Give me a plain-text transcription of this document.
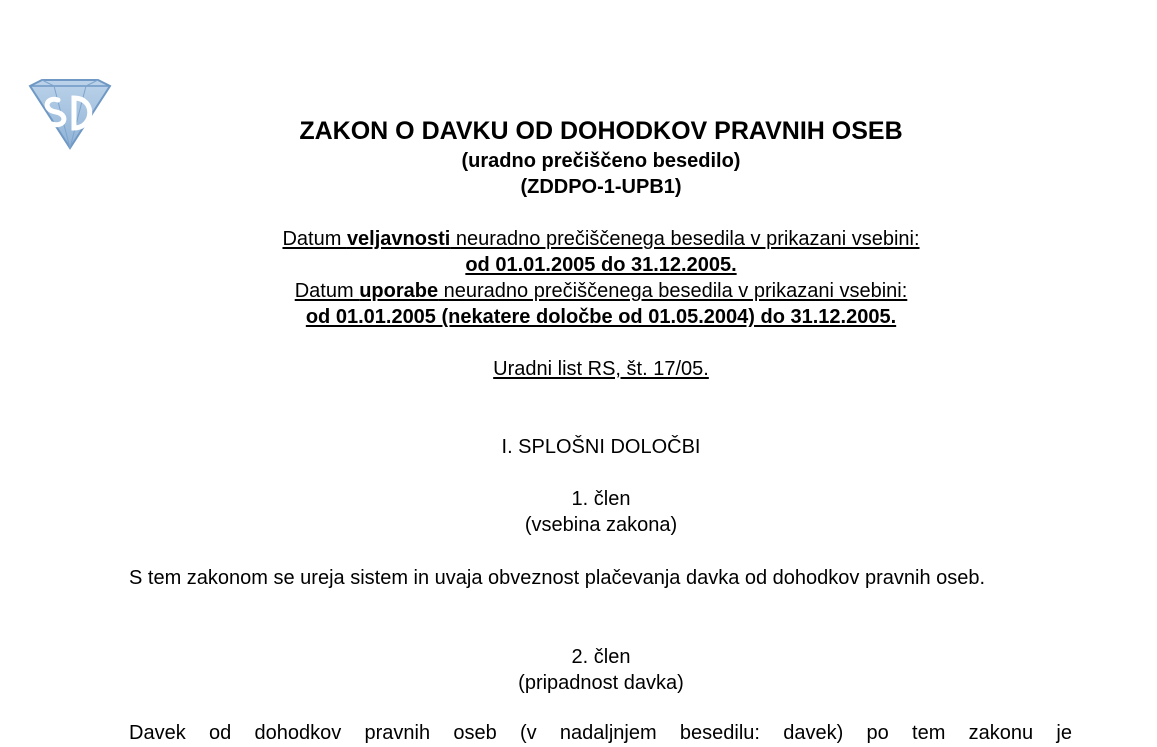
ZAKON O DAVKU OD DOHODKOV PRAVNIH OSEB
(uradno prečiščeno besedilo)
(ZDDPO-1-UPB1)
Datum veljavnosti neuradno prečiščenega besedila v prikazani vsebini:
od 01.01.2005 do 31.12.2005.
Datum uporabe neuradno prečiščenega besedila v prikazani vsebini:
od 01.01.2005 (nekatere določbe od 01.05.2004) do 31.12.2005.
Uradni list RS, št. 17/05.
I. SPLOŠNI DOLOČBI
1. člen
(vsebina zakona)
S tem zakonom se ureja sistem in uvaja obveznost plačevanja davka od dohodkov pravnih oseb.
2. člen
(pripadnost davka)
Davek od dohodkov pravnih oseb (v nadaljnjem besedilu: davek) po tem zakonu je
